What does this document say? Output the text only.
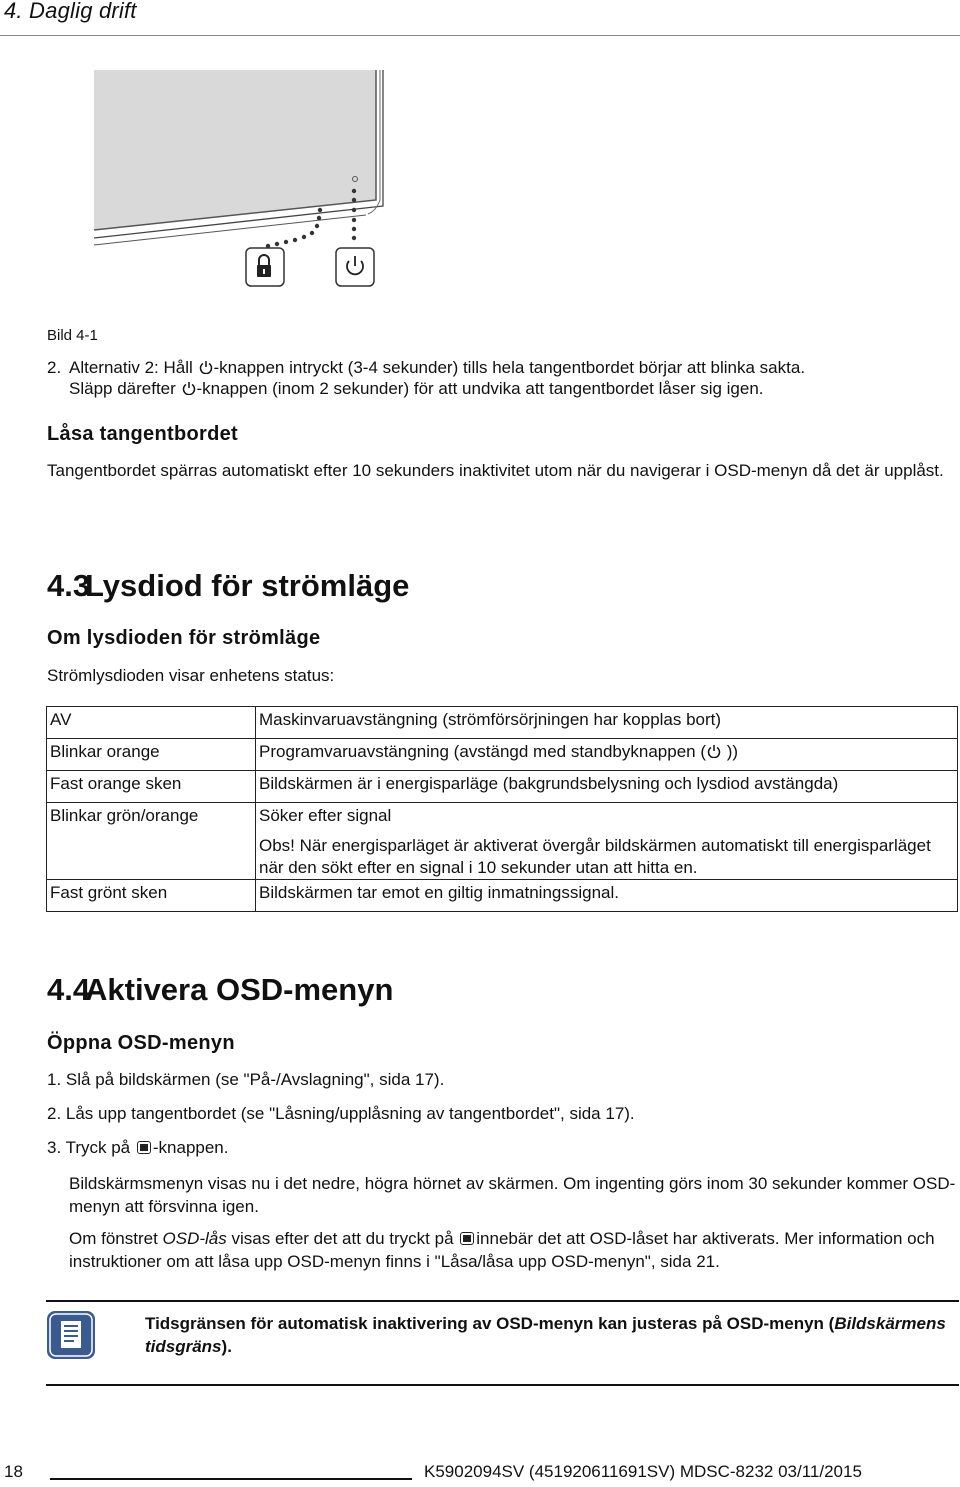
4. Daglig drift
Bild 4-1
2. Alternativ 2: Håll -knappen intryckt (3-4 sekunder) tills hela tangentbordet börjar att blinka sakta.
Släpp därefter -knappen (inom 2 sekunder) för att undvika att tangentbordet låser sig igen.
Låsa tangentbordet
Tangentbordet spärras automatiskt efter 10 sekunders inaktivitet utom när du navigerar i OSD-menyn då det är upplåst.
4.3
Lysdiod för strömläge
Om lysdioden för strömläge
Strömlysdioden visar enhetens status:
AV	Maskinvaruavstängning (strömförsörjningen har kopplas bort)
Blinkar orange	Programvaruavstängning (avstängd med standbyknappen ( ))
Fast orange sken	Bildskärmen är i energisparläge (bakgrundsbelysning och lysdiod avstängda)
Blinkar grön/orange	Söker efter signal
Obs! När energisparläget är aktiverat övergår bildskärmen automatiskt till energisparläget när den sökt efter en signal i 10 sekunder utan att hitta en.

Fast grönt sken	Bildskärmen tar emot en giltig inmatningssignal.
4.4
Aktivera OSD-menyn
Öppna OSD-menyn
1. Slå på bildskärmen (se "På-/Avslagning", sida 17).
2. Lås upp tangentbordet (se "Låsning/upplåsning av tangentbordet", sida 17).
3. Tryck på -knappen.
Bildskärmsmenyn visas nu i det nedre, högra hörnet av skärmen. Om ingenting görs inom 30 sekunder kommer OSD-menyn att försvinna igen.
Om fönstret OSD-lås visas efter det att du tryckt på innebär det att OSD-låset har aktiverats. Mer information och instruktioner om att låsa upp OSD-menyn finns i "Låsa/låsa upp OSD-menyn", sida 21.
Tidsgränsen för automatisk inaktivering av OSD-menyn kan justeras på OSD-menyn (Bildskärmens tidsgräns).
18	K5902094SV (451920611691SV) MDSC-8232 03/11/2015
